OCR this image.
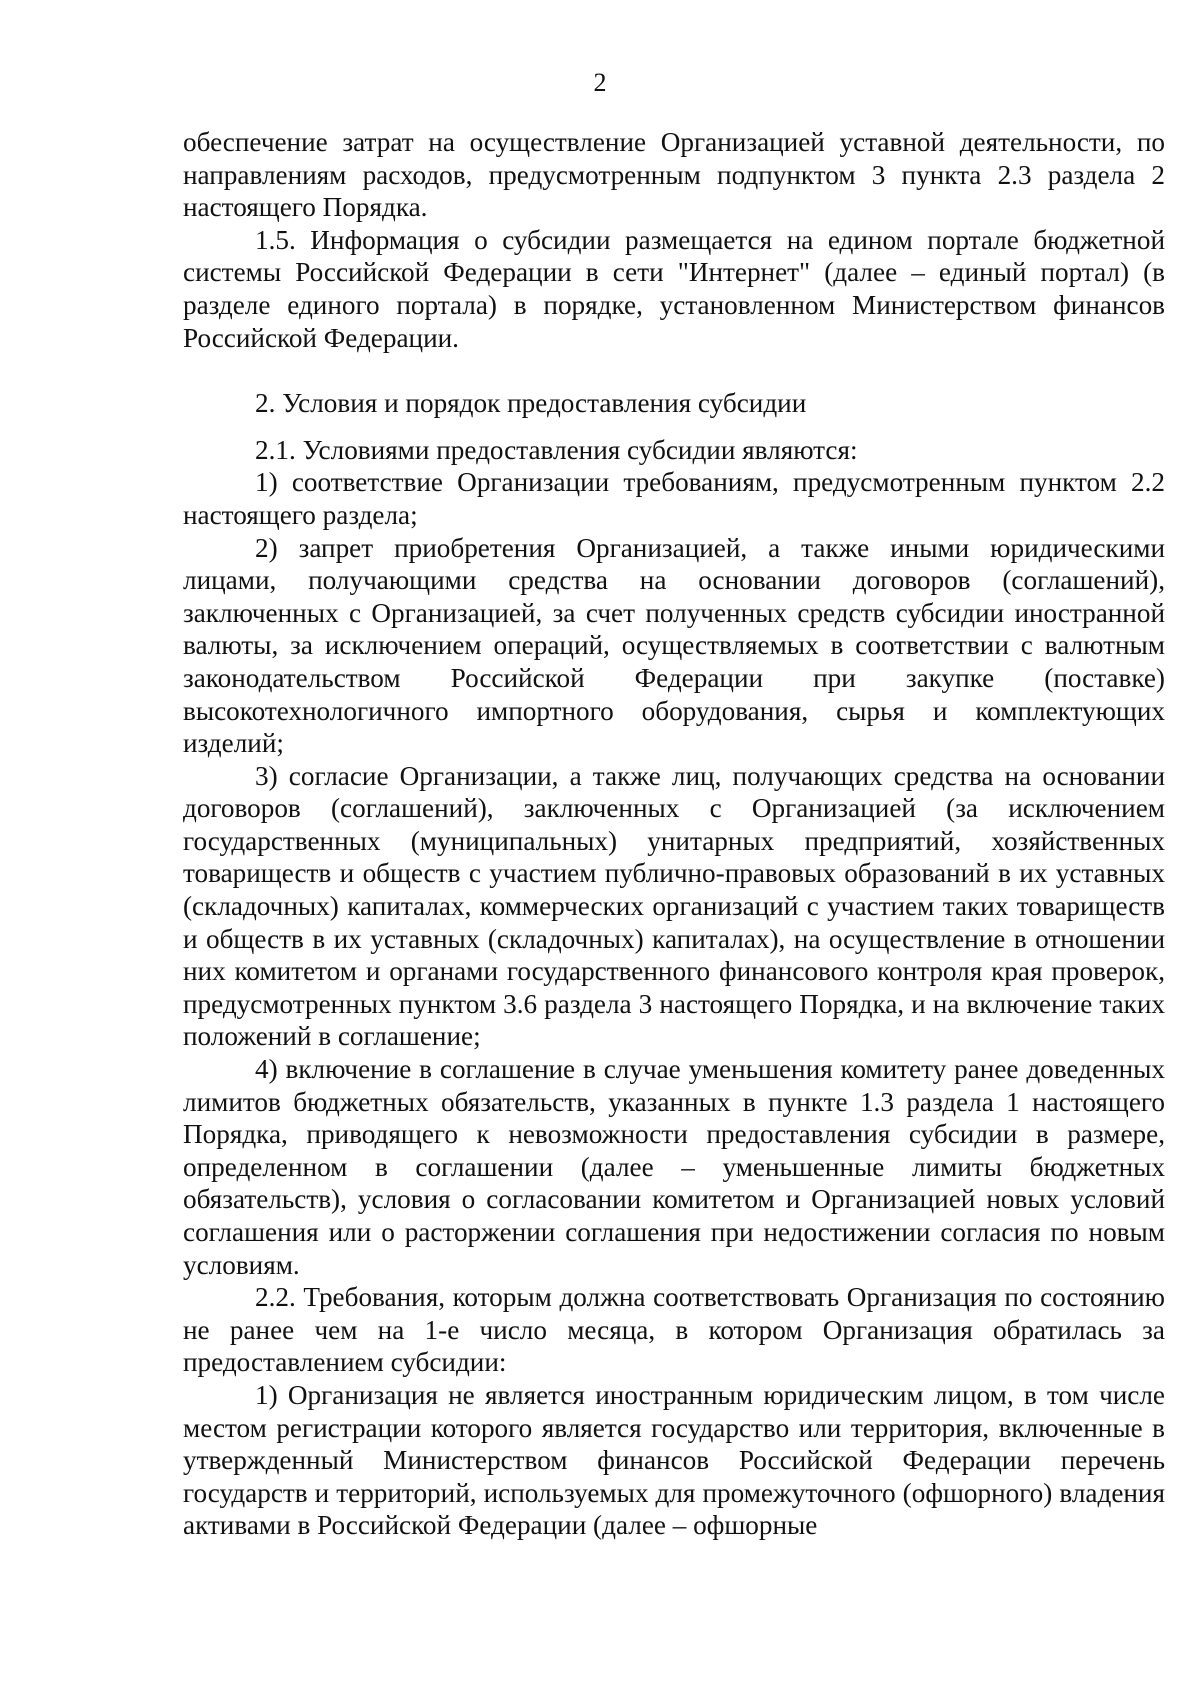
2

обеспечение затрат на осуществление Организацией уставной деятельности, по направлениям расходов, предусмотренным подпунктом 3 пункта 2.3 раздела 2 настоящего Порядка.

1.5. Информация о субсидии размещается на едином портале бюджетной системы Российской Федерации в сети "Интернет" (далее – единый портал) (в разделе единого портала) в порядке, установленном Министерством финансов Российской Федерации.

2. Условия и порядок предоставления субсидии

2.1. Условиями предоставления субсидии являются:

1) соответствие Организации требованиям, предусмотренным пунктом 2.2 настоящего раздела;

2) запрет приобретения Организацией, а также иными юридическими лицами, получающими средства на основании договоров (соглашений), заключенных с Организацией, за счет полученных средств субсидии иностранной валюты, за исключением операций, осуществляемых в соответствии с валютным законодательством Российской Федерации при закупке (поставке) высокотехнологичного импортного оборудования, сырья и комплектующих изделий;

3) согласие Организации, а также лиц, получающих средства на основании договоров (соглашений), заключенных с Организацией (за исключением государственных (муниципальных) унитарных предприятий, хозяйственных товариществ и обществ с участием публично-правовых образований в их уставных (складочных) капиталах, коммерческих организаций с участием таких товариществ и обществ в их уставных (складочных) капиталах), на осуществление в отношении них комитетом и органами государственного финансового контроля края проверок, предусмотренных пунктом 3.6 раздела 3 настоящего Порядка, и на включение таких положений в соглашение;

4) включение в соглашение в случае уменьшения комитету ранее доведенных лимитов бюджетных обязательств, указанных в пункте 1.3 раздела 1 настоящего Порядка, приводящего к невозможности предоставления субсидии в размере, определенном в соглашении (далее – уменьшенные лимиты бюджетных обязательств), условия о согласовании комитетом и Организацией новых условий соглашения или о расторжении соглашения при недостижении согласия по новым условиям.

2.2. Требования, которым должна соответствовать Организация по состоянию не ранее чем на 1-е число месяца, в котором Организация обратилась за предоставлением субсидии:

1) Организация не является иностранным юридическим лицом, в том числе местом регистрации которого является государство или территория, включенные в утвержденный Министерством финансов Российской Федерации перечень государств и территорий, используемых для промежуточного (офшорного) владения активами в Российской Федерации (далее – офшорные
